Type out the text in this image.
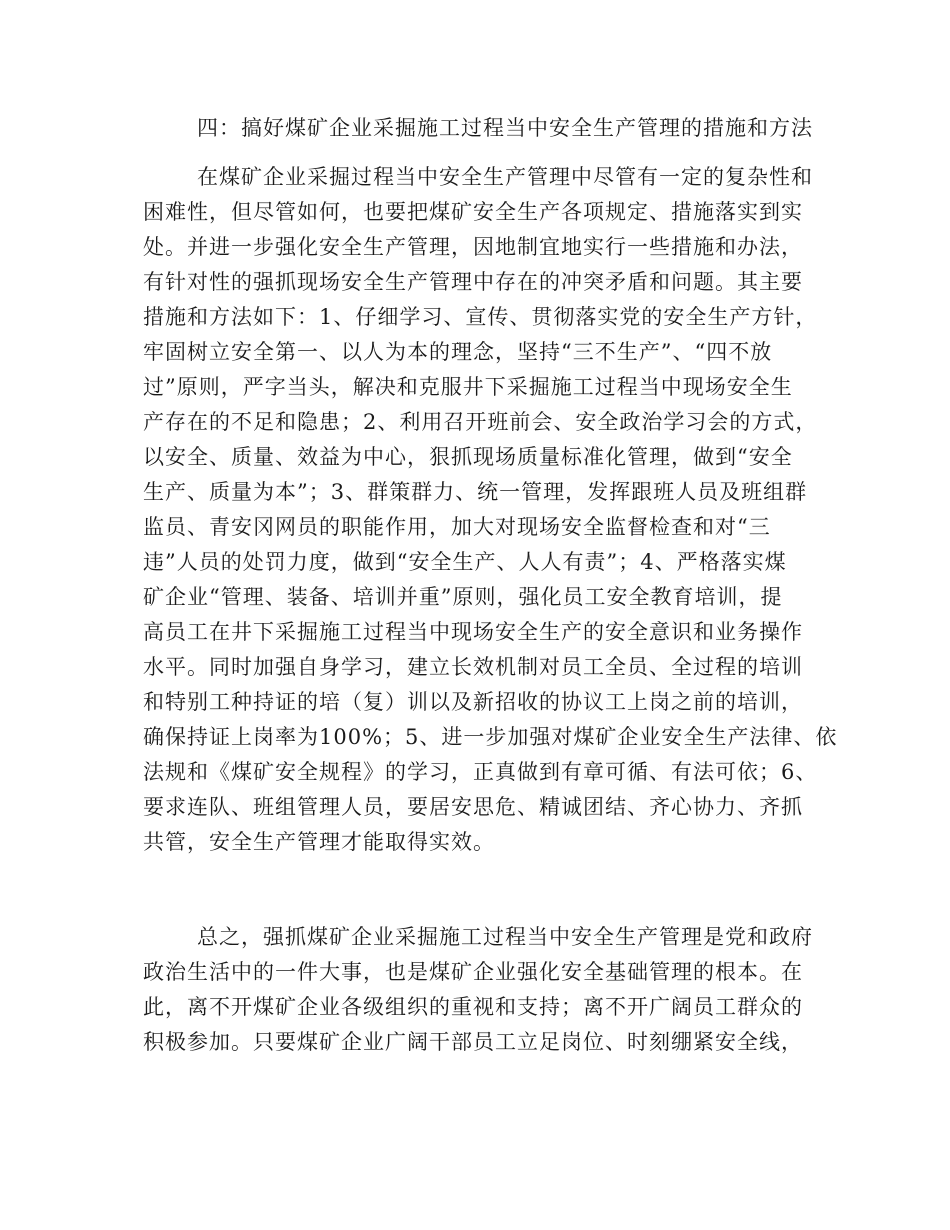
四：搞好煤矿企业采掘施工过程当中安全生产管理的措施和方法
在煤矿企业采掘过程当中安全生产管理中尽管有一定的复杂性和
困难性，但尽管如何，也要把煤矿安全生产各项规定、措施落实到实
处。并进一步强化安全生产管理，因地制宜地实行一些措施和办法，
有针对性的强抓现场安全生产管理中存在的冲突矛盾和问题。其主要
措施和方法如下：1、仔细学习、宣传、贯彻落实党的安全生产方针，
牢固树立安全第一、以人为本的理念，坚持“三不生产”、“四不放
过”原则，严字当头，解决和克服井下采掘施工过程当中现场安全生
产存在的不足和隐患；2、利用召开班前会、安全政治学习会的方式，
以安全、质量、效益为中心，狠抓现场质量标准化管理，做到“安全
生产、质量为本”；3、群策群力、统一管理，发挥跟班人员及班组群
监员、青安冈网员的职能作用，加大对现场安全监督检查和对“三
违”人员的处罚力度，做到“安全生产、人人有责”；4、严格落实煤
矿企业“管理、装备、培训并重”原则，强化员工安全教育培训，提
高员工在井下采掘施工过程当中现场安全生产的安全意识和业务操作
水平。同时加强自身学习，建立长效机制对员工全员、全过程的培训
和特别工种持证的培（复）训以及新招收的协议工上岗之前的培训，
确保持证上岗率为100%；5、进一步加强对煤矿企业安全生产法律、依
法规和《煤矿安全规程》的学习，正真做到有章可循、有法可依；6、
要求连队、班组管理人员，要居安思危、精诚团结、齐心协力、齐抓
共管，安全生产管理才能取得实效。
总之，强抓煤矿企业采掘施工过程当中安全生产管理是党和政府
政治生活中的一件大事，也是煤矿企业强化安全基础管理的根本。在
此，离不开煤矿企业各级组织的重视和支持；离不开广阔员工群众的
积极参加。只要煤矿企业广阔干部员工立足岗位、时刻绷紧安全线，
